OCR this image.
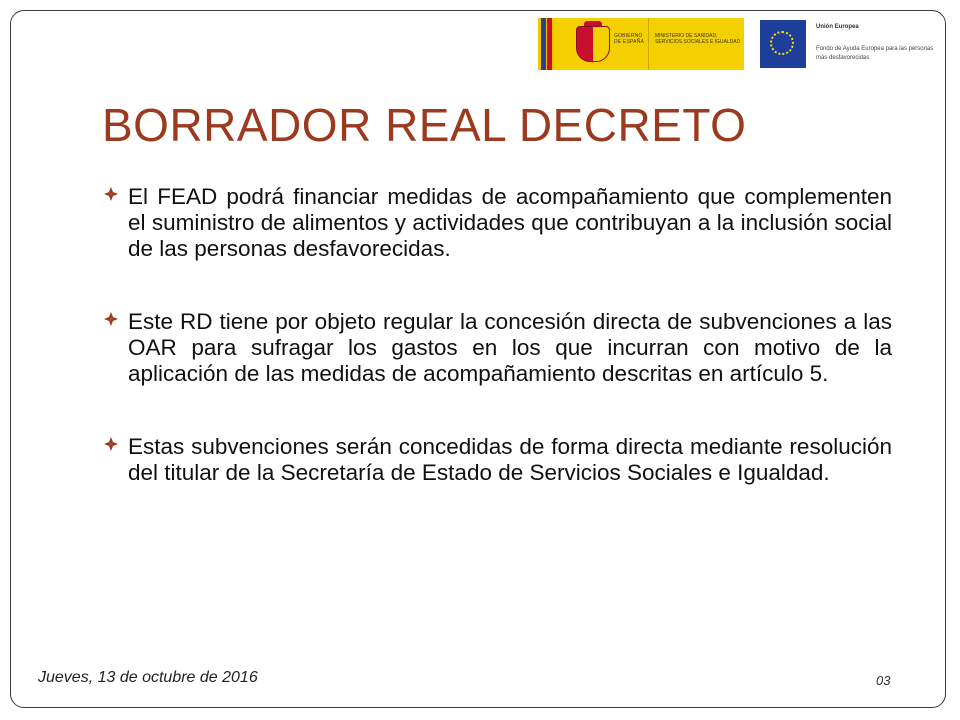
GOBIERNO DE ESPAÑA
MINISTERIO DE SANIDAD, SERVICIOS SOCIALES E IGUALDAD
Unión Europea
Fondo de Ayuda Europea para las personas más desfavorecidas
BORRADOR REAL DECRETO
El FEAD podrá financiar medidas de acompañamiento que complementen el suministro de alimentos y actividades que contribuyan a la inclusión social de las personas desfavorecidas.
Este RD tiene por objeto regular la concesión directa de subvenciones a las OAR para sufragar los gastos en los que incurran con motivo de la aplicación de las medidas de acompañamiento descritas en artículo 5.
Estas subvenciones serán concedidas de forma directa mediante resolución del titular de la Secretaría de Estado de Servicios Sociales e Igualdad.
Jueves, 13 de octubre de 2016	03
